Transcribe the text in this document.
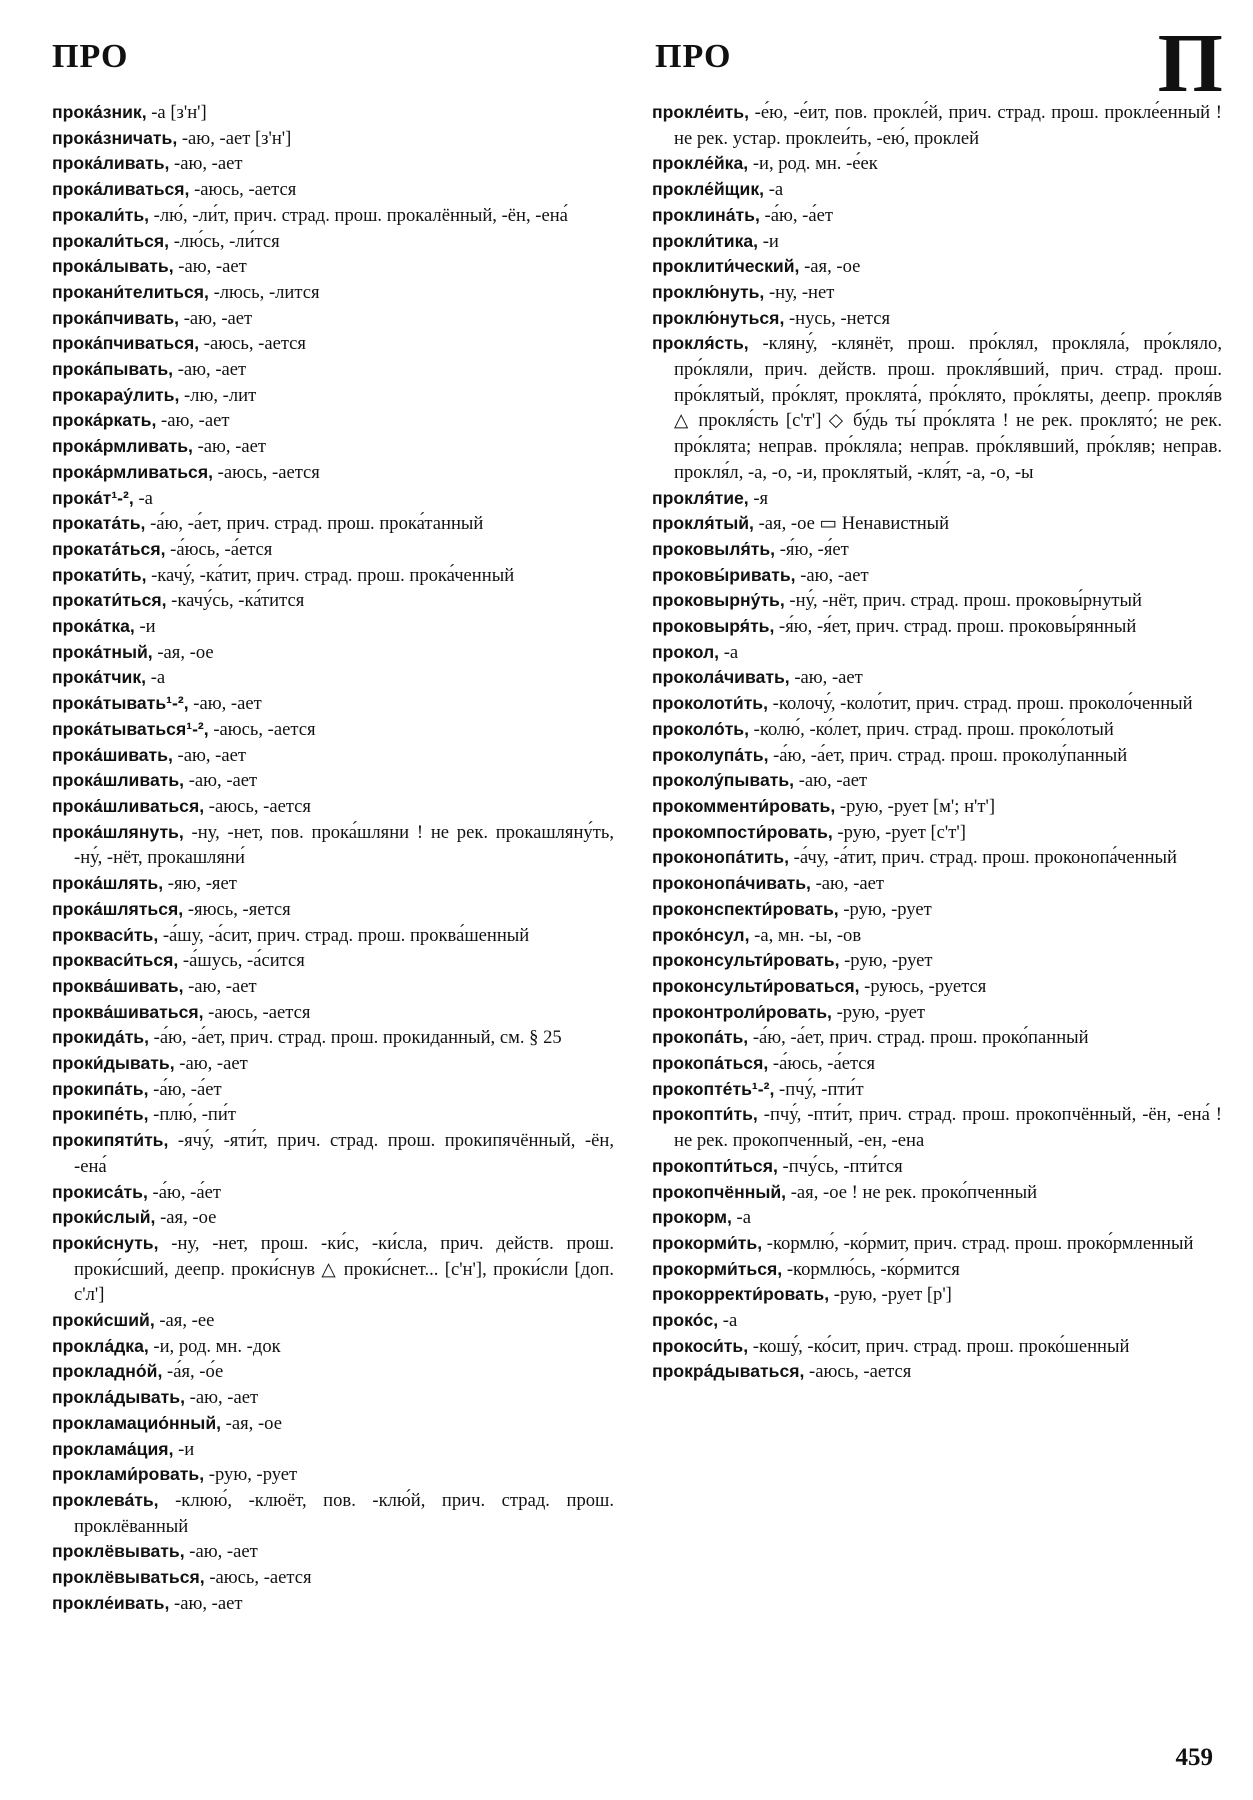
ПРО	ПРО	П

прока́зник, -а [з'н']

прока́зничать, -аю, -ает [з'н']

прока́ливать, -аю, -ает

прока́ливаться, -аюсь, -ается

прокали́ть, -лю́, -ли́т, прич. страд. прош. прокалённый, -ён, -ена́

прокали́ться, -лю́сь, -ли́тся

прока́лывать, -аю, -ает

прокани́телиться, -люсь, -лится

прока́пчивать, -аю, -ает

прока́пчиваться, -аюсь, -ается

прока́пывать, -аю, -ает

прокарау́лить, -лю, -лит

прока́ркать, -аю, -ает

прока́рмливать, -аю, -ает

прока́рмливаться, -аюсь, -ается

прока́т¹‑², -а

проката́ть, -а́ю, -а́ет, прич. страд. прош. прока́танный

проката́ться, -а́юсь, -а́ется

прокати́ть, -качу́, -ка́тит, прич. страд. прош. прока́ченный

прокати́ться, -качу́сь, -ка́тится

прока́тка, -и

прока́тный, -ая, -ое

прока́тчик, -а

прока́тывать¹‑², -аю, -ает

прока́тываться¹‑², -аюсь, -ается

прока́шивать, -аю, -ает

прока́шливать, -аю, -ает

прока́шливаться, -аюсь, -ается

прока́шлянуть, -ну, -нет, пов. прока́шляни ! не рек. прокашляну́ть, -ну́, -нёт, прокашляни́

прока́шлять, -яю, -яет

прока́шляться, -яюсь, -яется

прокваси́ть, -а́шу, -а́сит, прич. страд. прош. проква́шенный

прокваси́ться, -а́шусь, -а́сится

проква́шивать, -аю, -ает

проква́шиваться, -аюсь, -ается

прокида́ть, -а́ю, -а́ет, прич. страд. прош. прокиданный, см. § 25

проки́дывать, -аю, -ает

прокипа́ть, -а́ю, -а́ет

прокипе́ть, -плю́, -пи́т

прокипяти́ть, -ячу́, -яти́т, прич. страд. прош. прокипячённый, -ён, -ена́

прокиса́ть, -а́ю, -а́ет

проки́слый, -ая, -ое

проки́снуть, -ну, -нет, прош. -ки́с, -ки́сла, прич. действ. прош. проки́сший, деепр. проки́снув △ проки́снет... [с'н'], проки́сли [доп. с'л']

проки́сший, -ая, -ее

прокла́дка, -и, род. мн. -док

прокладно́й, -а́я, -о́е

прокла́дывать, -аю, -ает

прокламацио́нный, -ая, -ое

проклама́ция, -и

проклами́ровать, -рую, -рует

проклева́ть, -клюю́, -клюёт, пов. -клю́й, прич. страд. прош. проклёванный

проклёвывать, -аю, -ает

проклёвываться, -аюсь, -ается

прокле́ивать, -аю, -ает

прокле́ить, -е́ю, -е́ит, пов. прокле́й, прич. страд. прош. прокле́енный ! не рек. устар. проклеи́ть, -ею́, проклей

прокле́йка, -и, род. мн. -е́ек

прокле́йщик, -а

проклина́ть, -а́ю, -а́ет

прокли́тика, -и

проклити́ческий, -ая, -ое

проклю́нуть, -ну, -нет

проклю́нуться, -нусь, -нется

прокля́сть, -кляну́, -клянёт, прош. про́клял, прокляла́, про́кляло, про́кляли, прич. действ. прош. прокля́вший, прич. страд. прош. про́клятый, про́клят, проклята́, про́клято, про́кляты, деепр. прокля́в △ прокля́сть [с'т'] ◇ бу́дь ты́ про́клята ! не рек. проклято́; не рек. про́клята; неправ. про́кляла; неправ. про́клявший, про́кляв; неправ. прокля́л, -а, -о, -и, проклятый, -кля́т, -а, -о, -ы

прокля́тие, -я

прокля́тый, -ая, -ое ▭ Ненавистный

проковыля́ть, -я́ю, -я́ет

проковы́ривать, -аю, -ает

проковырну́ть, -ну́, -нёт, прич. страд. прош. проковы́рнутый

проковыря́ть, -я́ю, -я́ет, прич. страд. прош. проковы́рянный

прокол, -а

прокола́чивать, -аю, -ает

проколоти́ть, -колочу́, -коло́тит, прич. страд. прош. проколо́ченный

проколо́ть, -колю́, -ко́лет, прич. страд. прош. проко́лотый

проколупа́ть, -а́ю, -а́ет, прич. страд. прош. проколу́панный

проколу́пывать, -аю, -ает

прокомменти́ровать, -рую, -рует [м'; н'т']

прокомпости́ровать, -рую, -рует [с'т']

проконопа́тить, -а́чу, -а́тит, прич. страд. прош. проконопа́ченный

проконопа́чивать, -аю, -ает

проконспекти́ровать, -рую, -рует

проко́нсул, -а, мн. -ы, -ов

проконсульти́ровать, -рую, -рует

проконсульти́роваться, -руюсь, -руется

проконтроли́ровать, -рую, -рует

прокопа́ть, -а́ю, -а́ет, прич. страд. прош. проко́панный

прокопа́ться, -а́юсь, -а́ется

прокопте́ть¹‑², -пчу́, -пти́т

прокопти́ть, -пчу́, -пти́т, прич. страд. прош. прокопчённый, -ён, -ена́ ! не рек. прокопченный, -ен, -ена

прокопти́ться, -пчу́сь, -пти́тся

прокопчённый, -ая, -ое ! не рек. проко́пченный

прокорм, -а

прокорми́ть, -кормлю́, -ко́рмит, прич. страд. прош. проко́рмленный

прокорми́ться, -кормлю́сь, -ко́рмится

прокорректи́ровать, -рую, -рует [р']

проко́с, -а

прокоси́ть, -кошу́, -ко́сит, прич. страд. прош. проко́шенный

прокра́дываться, -аюсь, -ается

459
